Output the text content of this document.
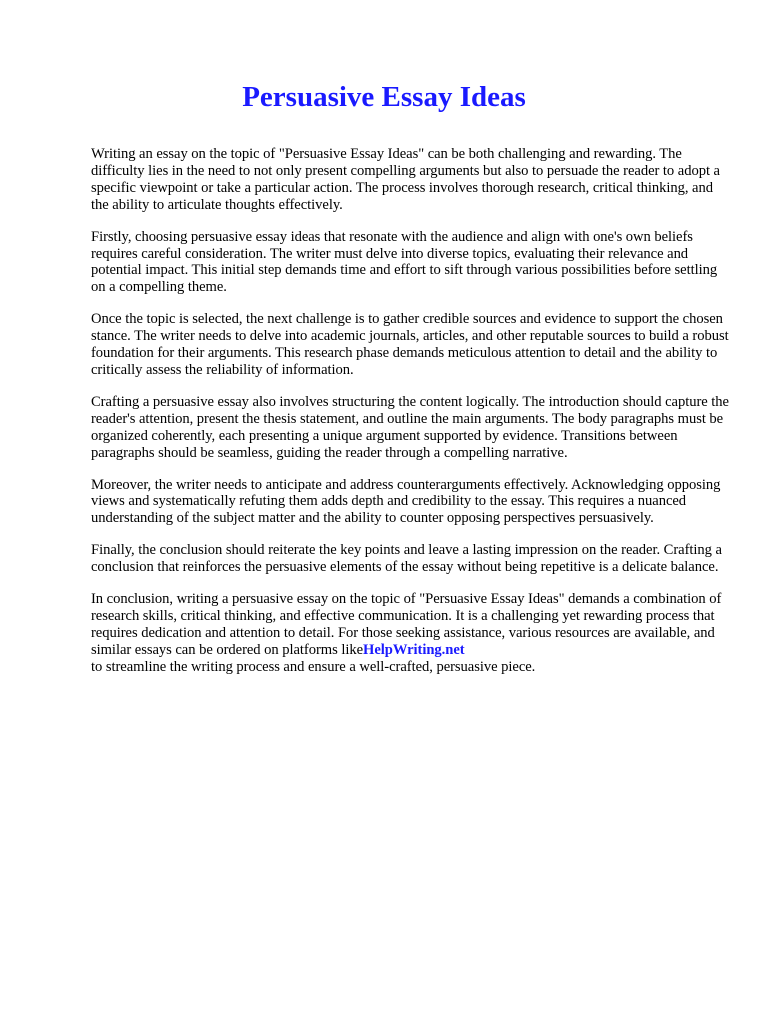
Persuasive Essay Ideas

Writing an essay on the topic of "Persuasive Essay Ideas" can be both challenging and rewarding. The difficulty lies in the need to not only present compelling arguments but also to persuade the reader to adopt a specific viewpoint or take a particular action. The process involves thorough research, critical thinking, and the ability to articulate thoughts effectively.

Firstly, choosing persuasive essay ideas that resonate with the audience and align with one's own beliefs requires careful consideration. The writer must delve into diverse topics, evaluating their relevance and potential impact. This initial step demands time and effort to sift through various possibilities before settling on a compelling theme.

Once the topic is selected, the next challenge is to gather credible sources and evidence to support the chosen stance. The writer needs to delve into academic journals, articles, and other reputable sources to build a robust foundation for their arguments. This research phase demands meticulous attention to detail and the ability to critically assess the reliability of information.

Crafting a persuasive essay also involves structuring the content logically. The introduction should capture the reader's attention, present the thesis statement, and outline the main arguments. The body paragraphs must be organized coherently, each presenting a unique argument supported by evidence. Transitions between paragraphs should be seamless, guiding the reader through a compelling narrative.

Moreover, the writer needs to anticipate and address counterarguments effectively. Acknowledging opposing views and systematically refuting them adds depth and credibility to the essay. This requires a nuanced understanding of the subject matter and the ability to counter opposing perspectives persuasively.

Finally, the conclusion should reiterate the key points and leave a lasting impression on the reader. Crafting a conclusion that reinforces the persuasive elements of the essay without being repetitive is a delicate balance.

In conclusion, writing a persuasive essay on the topic of "Persuasive Essay Ideas" demands a combination of research skills, critical thinking, and effective communication. It is a challenging yet rewarding process that requires dedication and attention to detail. For those seeking assistance, various resources are available, and similar essays can be ordered on platforms likeHelpWriting.net
to streamline the writing process and ensure a well-crafted, persuasive piece.
